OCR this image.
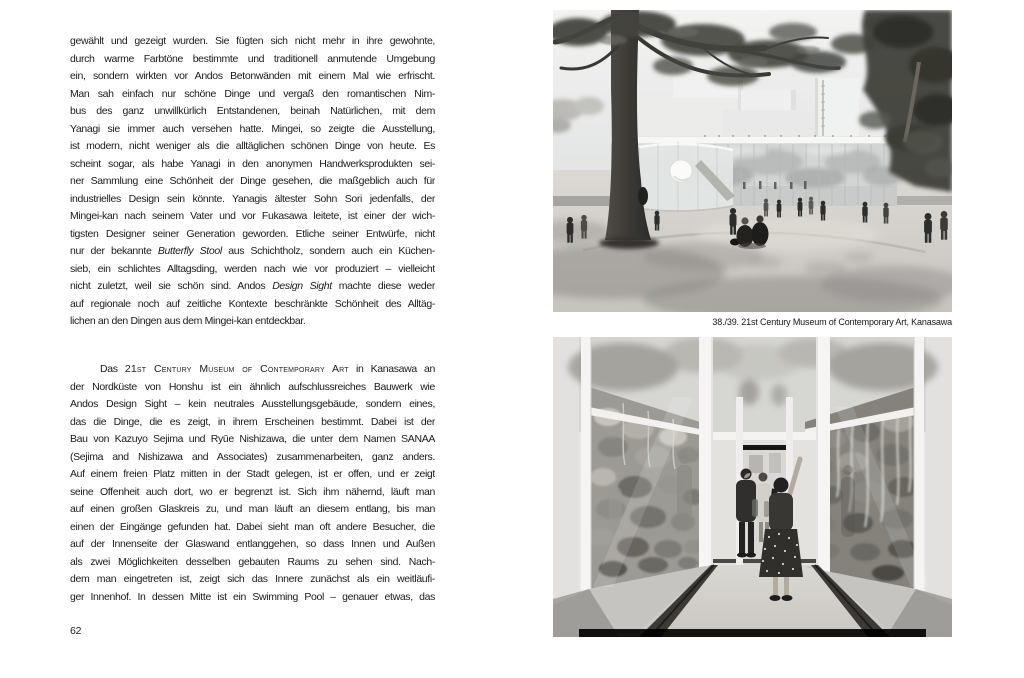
gewählt und gezeigt wurden. Sie fügten sich nicht mehr in ihre gewohnte,
durch warme Farbtöne bestimmte und traditionell anmutende Umgebung
ein, sondern wirkten vor Andos Betonwänden mit einem Mal wie erfrischt.
Man sah einfach nur schöne Dinge und vergaß den romantischen Nim-
bus des ganz unwillkürlich Entstandenen, beinah Natürlichen, mit dem
Yanagi sie immer auch versehen hatte. Mingei, so zeigte die Ausstellung,
ist modern, nicht weniger als die alltäglichen schönen Dinge von heute. Es
scheint sogar, als habe Yanagi in den anonymen Handwerksprodukten sei-
ner Sammlung eine Schönheit der Dinge gesehen, die maßgeblich auch für
industrielles Design sein könnte. Yanagis ältester Sohn Sori jedenfalls, der
Mingei-kan nach seinem Vater und vor Fukasawa leitete, ist einer der wich-
tigsten Designer seiner Generation geworden. Etliche seiner Entwürfe, nicht
nur der bekannte Butterfly Stool aus Schichtholz, sondern auch ein Küchen-
sieb, ein schlichtes Alltagsding, werden nach wie vor produziert – vielleicht
nicht zuletzt, weil sie schön sind. Andos Design Sight machte diese weder
auf regionale noch auf zeitliche Kontexte beschränkte Schönheit des Alltäg-
lichen an den Dingen aus dem Mingei-kan entdeckbar.
Das 21st Century Museum of Contemporary Art in Kanasawa an
der Nordküste von Honshu ist ein ähnlich aufschlussreiches Bauwerk wie
Andos Design Sight – kein neutrales Ausstellungsgebäude, sondern eines,
das die Dinge, die es zeigt, in ihrem Erscheinen bestimmt. Dabei ist der
Bau von Kazuyo Sejima und Ryūe Nishizawa, die unter dem Namen SANAA
(Sejima and Nishizawa and Associates) zusammenarbeiten, ganz anders.
Auf einem freien Platz mitten in der Stadt gelegen, ist er offen, und er zeigt
seine Offenheit auch dort, wo er begrenzt ist. Sich ihm nähernd, läuft man
auf einen großen Glaskreis zu, und man läuft an diesem entlang, bis man
einen der Eingänge gefunden hat. Dabei sieht man oft andere Besucher, die
auf der Innenseite der Glaswand entlanggehen, so dass Innen und Außen
als zwei Möglichkeiten desselben gebauten Raums zu sehen sind. Nach-
dem man eingetreten ist, zeigt sich das Innere zunächst als ein weitläufi-
ger Innenhof. In dessen Mitte ist ein Swimming Pool – genauer etwas, das
62
38./39. 21st Century Museum of Contemporary Art, Kanasawa
